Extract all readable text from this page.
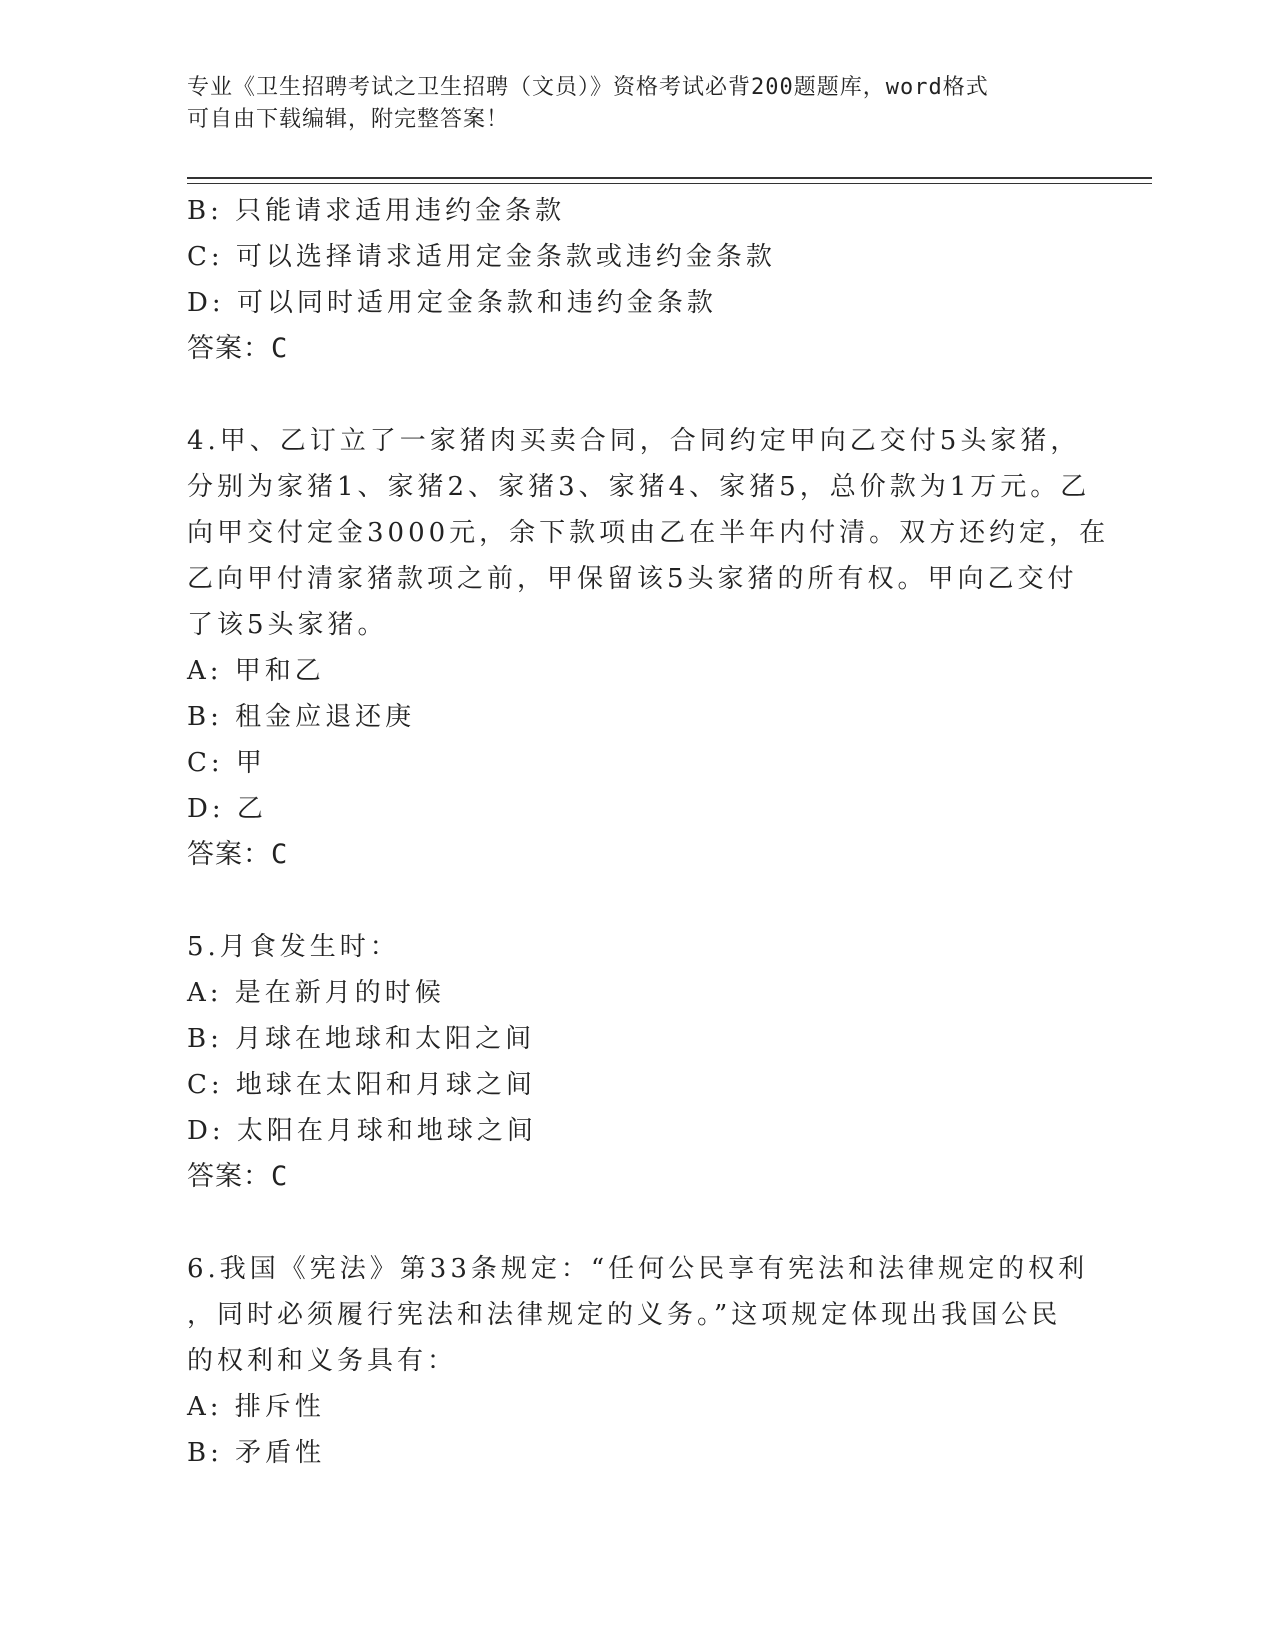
专业《卫生招聘考试之卫生招聘（文员）》资格考试必背200题题库，word格式
可自由下载编辑，附完整答案！
B: 只能请求适用违约金条款
C: 可以选择请求适用定金条款或违约金条款
D: 可以同时适用定金条款和违约金条款
答案：C
4.甲、乙订立了一家猪肉买卖合同，合同约定甲向乙交付5头家猪，
分别为家猪1、家猪2、家猪3、家猪4、家猪5，总价款为1万元。乙
向甲交付定金3000元，余下款项由乙在半年内付清。双方还约定，在
乙向甲付清家猪款项之前，甲保留该5头家猪的所有权。甲向乙交付
了该5头家猪。
A: 甲和乙
B: 租金应退还庚
C: 甲
D: 乙
答案：C
5.月食发生时：
A: 是在新月的时候
B: 月球在地球和太阳之间
C: 地球在太阳和月球之间
D: 太阳在月球和地球之间
答案：C
6.我国《宪法》第33条规定：“任何公民享有宪法和法律规定的权利
，同时必须履行宪法和法律规定的义务。”这项规定体现出我国公民
的权利和义务具有：
A: 排斥性
B: 矛盾性
